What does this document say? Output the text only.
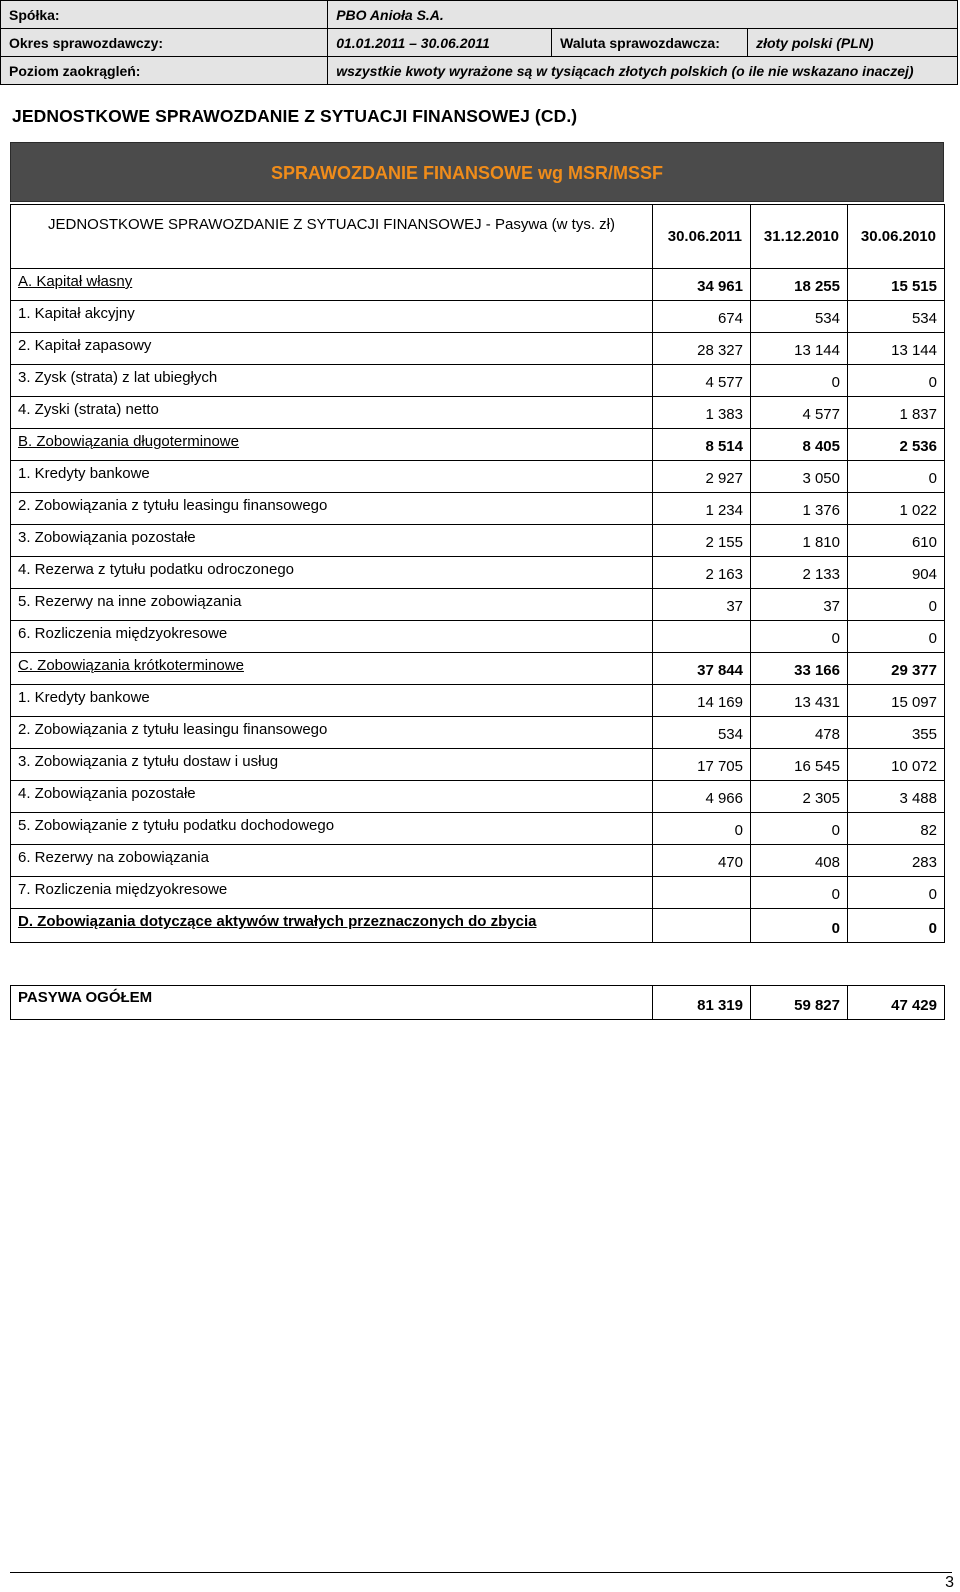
Spółka:	PBO Anioła S.A.		
Okres sprawozdawczy:	01.01.2011 – 30.06.2011	Waluta sprawozdawcza:	złoty polski (PLN)
Poziom zaokrągleń:	wszystkie kwoty wyrażone są w tysiącach złotych polskich (o ile nie wskazano inaczej)		
JEDNOSTKOWE SPRAWOZDANIE Z SYTUACJI FINANSOWEJ (CD.)
SPRAWOZDANIE FINANSOWE wg MSR/MSSF
JEDNOSTKOWE SPRAWOZDANIE Z SYTUACJI FINANSOWEJ - Pasywa (w tys. zł)	30.06.2011	31.12.2010	30.06.2010
A. Kapitał własny	34 961	18 255	15 515
1. Kapitał akcyjny	674	534	534
2. Kapitał zapasowy	28 327	13 144	13 144
3. Zysk (strata) z lat ubiegłych	4 577	0	0
4. Zyski (strata) netto	1 383	4 577	1 837
B. Zobowiązania długoterminowe	8 514	8 405	2 536
1. Kredyty bankowe	2 927	3 050	0
2. Zobowiązania z tytułu leasingu finansowego	1 234	1 376	1 022
3. Zobowiązania pozostałe	2 155	1 810	610
4. Rezerwa z tytułu podatku odroczonego	2 163	2 133	904
5. Rezerwy na inne zobowiązania	37	37	0
6. Rozliczenia międzyokresowe		0	0
C. Zobowiązania krótkoterminowe	37 844	33 166	29 377
1. Kredyty bankowe	14 169	13 431	15 097
2. Zobowiązania z tytułu leasingu finansowego	534	478	355
3. Zobowiązania z tytułu dostaw i usług	17 705	16 545	10 072
4. Zobowiązania pozostałe	4 966	2 305	3 488
5. Zobowiązanie z tytułu podatku dochodowego	0	0	82
6. Rezerwy na zobowiązania	470	408	283
7. Rozliczenia międzyokresowe		0	0
D. Zobowiązania dotyczące aktywów trwałych przeznaczonych do zbycia		0	0
PASYWA OGÓŁEM	81 319	59 827	47 429
3
